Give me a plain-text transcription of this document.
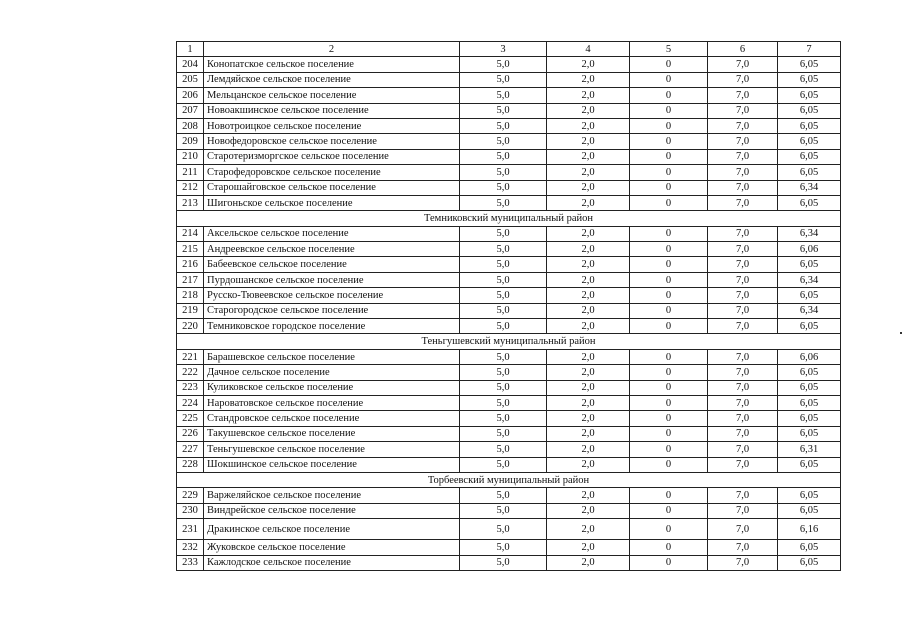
1	2	3	4	5	6	7
204	Конопатское сельское поселение	5,0	2,0	0	7,0	6,05
205	Лемдяйское сельское поселение	5,0	2,0	0	7,0	6,05
206	Мельцанское сельское поселение	5,0	2,0	0	7,0	6,05
207	Новоакшинское сельское поселение	5,0	2,0	0	7,0	6,05
208	Новотроицкое сельское поселение	5,0	2,0	0	7,0	6,05
209	Новофедоровское сельское поселение	5,0	2,0	0	7,0	6,05
210	Старотеризморгское сельское поселение	5,0	2,0	0	7,0	6,05
211	Старофедоровское сельское поселение	5,0	2,0	0	7,0	6,05
212	Старошайговское сельское поселение	5,0	2,0	0	7,0	6,34
213	Шигоньское сельское поселение	5,0	2,0	0	7,0	6,05
Темниковский муниципальный район						
214	Аксельское сельское поселение	5,0	2,0	0	7,0	6,34
215	Андреевское сельское поселение	5,0	2,0	0	7,0	6,06
216	Бабеевское сельское поселение	5,0	2,0	0	7,0	6,05
217	Пурдошанское сельское поселение	5,0	2,0	0	7,0	6,34
218	Русско-Тювеевское сельское поселение	5,0	2,0	0	7,0	6,05
219	Старогородское сельское поселение	5,0	2,0	0	7,0	6,34
220	Темниковское городское поселение	5,0	2,0	0	7,0	6,05
Теньгушевский муниципальный район						
221	Барашевское сельское поселение	5,0	2,0	0	7,0	6,06
222	Дачное сельское поселение	5,0	2,0	0	7,0	6,05
223	Куликовское сельское поселение	5,0	2,0	0	7,0	6,05
224	Нароватовское сельское поселение	5,0	2,0	0	7,0	6,05
225	Стандровское сельское поселение	5,0	2,0	0	7,0	6,05
226	Такушевское сельское поселение	5,0	2,0	0	7,0	6,05
227	Теньгушевское сельское поселение	5,0	2,0	0	7,0	6,31
228	Шокшинское сельское поселение	5,0	2,0	0	7,0	6,05
Торбеевский муниципальный район						
229	Варжеляйское сельское поселение	5,0	2,0	0	7,0	6,05
230	Виндрейское сельское поселение	5,0	2,0	0	7,0	6,05
231	Дракинское сельское поселение	5,0	2,0	0	7,0	6,16
232	Жуковское сельское поселение	5,0	2,0	0	7,0	6,05
233	Кажлодское сельское поселение	5,0	2,0	0	7,0	6,05
